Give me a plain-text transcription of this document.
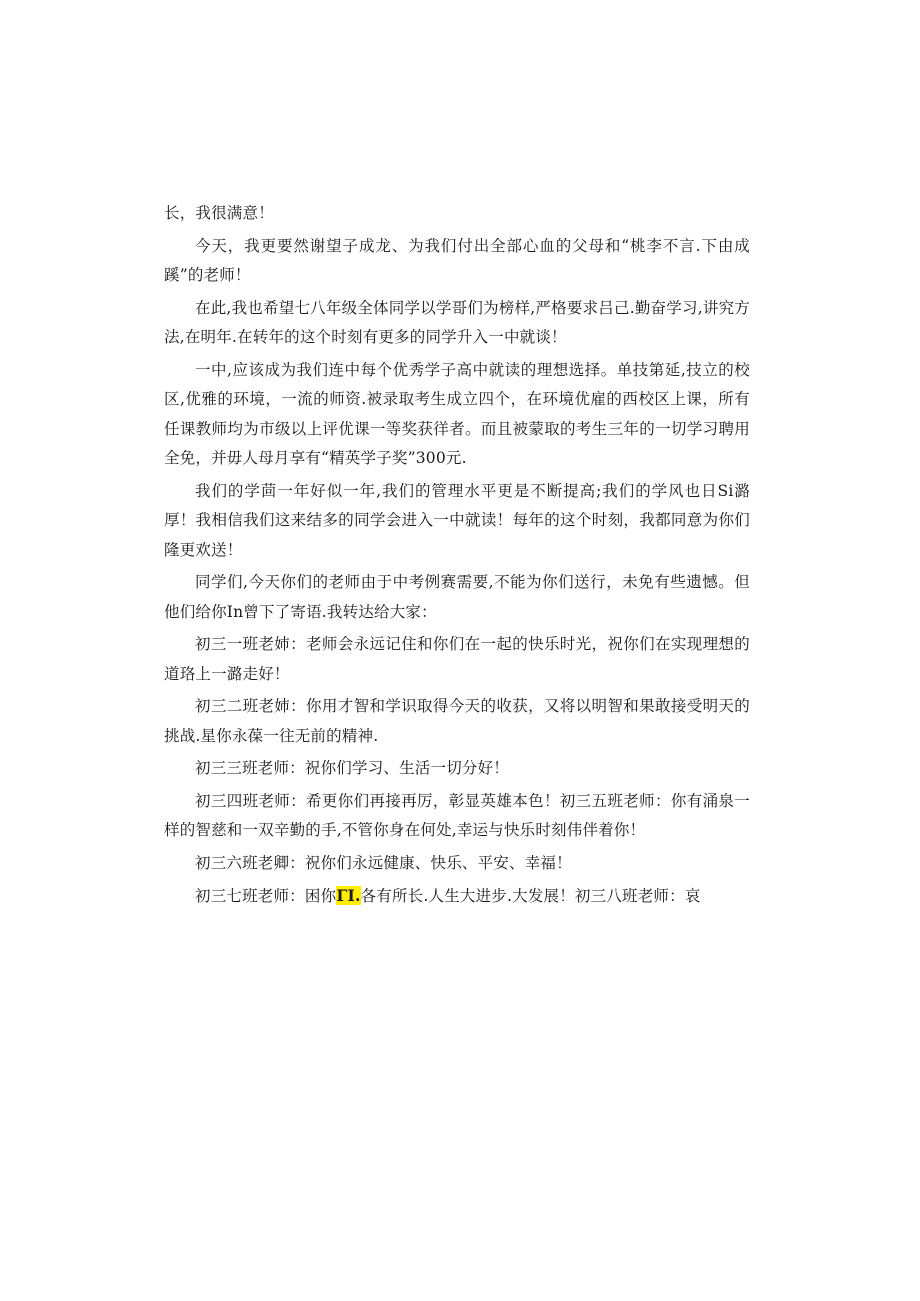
长，我很满意！

今天，我更要然谢望子成龙、为我们付出全部心血的父母和“桃李不言.下由成蹊”的老师！

在此,我也希望七八年级全体同学以学哥们为榜样,严格要求吕己.勤奋学习,讲究方法,在明年.在转年的这个时刻有更多的同学升入一中就谈！

一中,应该成为我们连中每个优秀学子高中就读的理想选择。单技第延,技立的校区,优雅的环境，一流的师资.被录取考生成立四个，在环境优雇的西校区上课，所有任课教师均为市级以上评优课一等奖获徉者。而且被蒙取的考生三年的一切学习聘用全免，并毋人母月享有“精英学子奖”300元.

我们的学茴一年好似一年,我们的管理水平更是不断提高;我们的学风也日Si潞厚！我相信我们这来结多的同学会进入一中就读！每年的这个时刻，我都同意为你们隆更欢送！

同学们,今天你们的老师由于中考例赛需要,不能为你们送行，未免有些遗憾。但他们给你In曾下了寄语.我转达给大家：

初三一班老姉：老师会永远记住和你们在一起的快乐时光，祝你们在实现理想的道珞上一潞走好！

初三二班老姉：你用才智和学识取得今天的收获，又将以明智和果敢接受明天的挑战.星你永葆一往无前的精神.

初三三班老师：祝你们学习、生活一切分好！

初三四班老师：希更你们再接再厉，彰显英雄本色！初三五班老师：你有涌泉一样的智慈和一双辛勤的手,不管你身在何处,幸运与快乐时刻伟伴着你！

初三六班老卿：祝你们永远健康、快乐、平安、幸福！

初三七班老师：困你ΓI.各有所长.人生大进步.大发展！初三八班老师：哀
